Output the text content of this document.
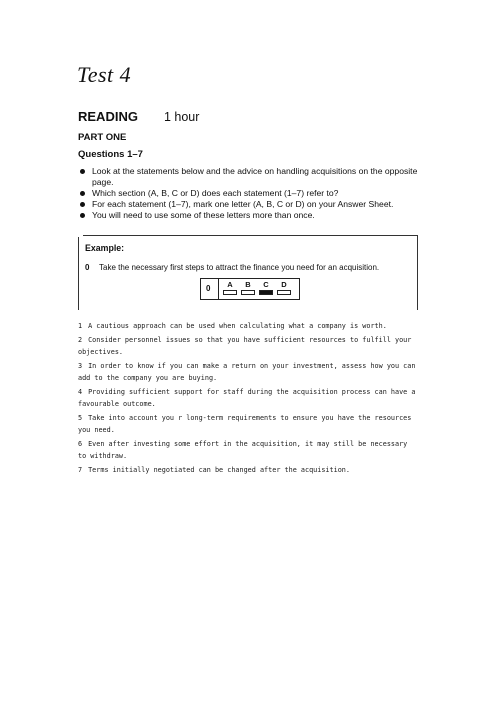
Test 4
READING 1 hour
PART ONE
Questions 1–7
Look at the statements below and the advice on handling acquisitions on the opposite page.
Which section (A, B, C or D) does each statement (1–7) refer to?
For each statement (1–7), mark one letter (A, B, C or D) on your Answer Sheet.
You will need to use some of these letters more than once.
Example:
0 Take the necessary first steps to attract the finance you need for an acquisition.
0	A	B	C	D

1 A cautious approach can be used when calculating what a company is worth.

2 Consider personnel issues so that you have sufficient resources to fulfill your objectives.

3 In order to know if you can make a return on your investment, assess how you can add to the company you are buying.

4 Providing sufficient support for staff during the acquisition process can have a favourable outcome.

5 Take into account you r long-term requirements to ensure you have the resources you need.

6 Even after investing some effort in the acquisition, it may still be necessary to withdraw.

7 Terms initially negotiated can be changed after the acquisition.
